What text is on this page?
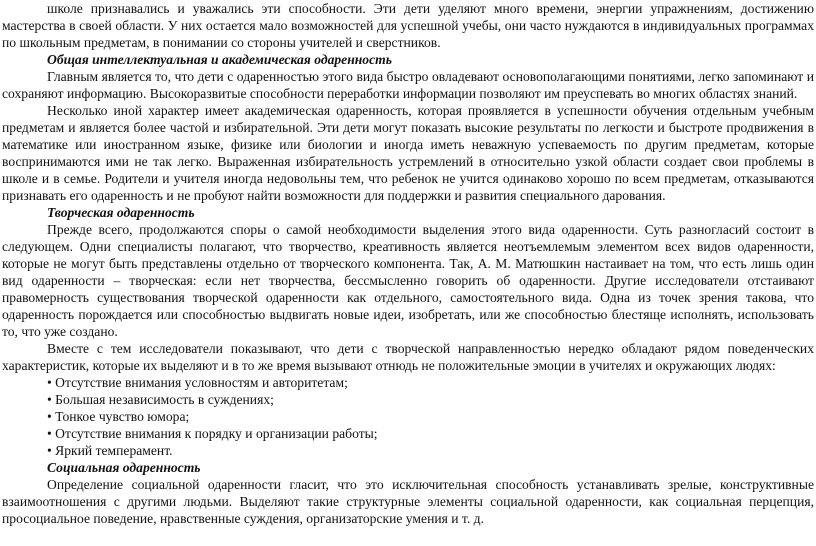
школе признавались и уважались эти способности. Эти дети уделяют много времени, энергии упражнениям, достижению мастерства в своей области. У них остается мало возможностей для успешной учебы, они часто нуждаются в индивидуальных программах по школьным предметам, в понимании со стороны учителей и сверстников.

Общая интеллектуальная и академическая одаренность

Главным является то, что дети с одаренностью этого вида быстро овладевают основополагающими понятиями, легко запоминают и сохраняют информацию. Высокоразвитые способности переработки информации позволяют им преуспевать во многих областях знаний.

Несколько иной характер имеет академическая одаренность, которая проявляется в успешности обучения отдельным учебным предметам и является более частой и избирательной. Эти дети могут показать высокие результаты по легкости и быстроте продвижения в математике или иностранном языке, физике или биологии и иногда иметь неважную успеваемость по другим предметам, которые воспринимаются ими не так легко. Выраженная избирательность устремлений в относительно узкой области создает свои проблемы в школе и в семье. Родители и учителя иногда недовольны тем, что ребенок не учится одинаково хорошо по всем предметам, отказываются признавать его одаренность и не пробуют найти возможности для поддержки и развития специального дарования.

Творческая одаренность

Прежде всего, продолжаются споры о самой необходимости выделения этого вида одаренности. Суть разногласий состоит в следующем. Одни специалисты полагают, что творчество, креативность является неотъемлемым элементом всех видов одаренности, которые не могут быть представлены отдельно от творческого компонента. Так, А. М. Матюшкин настаивает на том, что есть лишь один вид одаренности – творческая: если нет творчества, бессмысленно говорить об одаренности. Другие исследователи отстаивают правомерность существования творческой одаренности как отдельного, самостоятельного вида. Одна из точек зрения такова, что одаренность порождается или способностью выдвигать новые идеи, изобретать, или же способностью блестяще исполнять, использовать то, что уже создано.

Вместе с тем исследователи показывают, что дети с творческой направленностью нередко обладают рядом поведенческих характеристик, которые их выделяют и в то же время вызывают отнюдь не положительные эмоции в учителях и окружающих людях:

• Отсутствие внимания условностям и авторитетам;

• Большая независимость в суждениях;

• Тонкое чувство юмора;

• Отсутствие внимания к порядку и организации работы;

• Яркий темперамент.

Социальная одаренность

Определение социальной одаренности гласит, что это исключительная способность устанавливать зрелые, конструктивные взаимоотношения с другими людьми. Выделяют такие структурные элементы социальной одаренности, как социальная перцепция, просоциальное поведение, нравственные суждения, организаторские умения и т. д.
